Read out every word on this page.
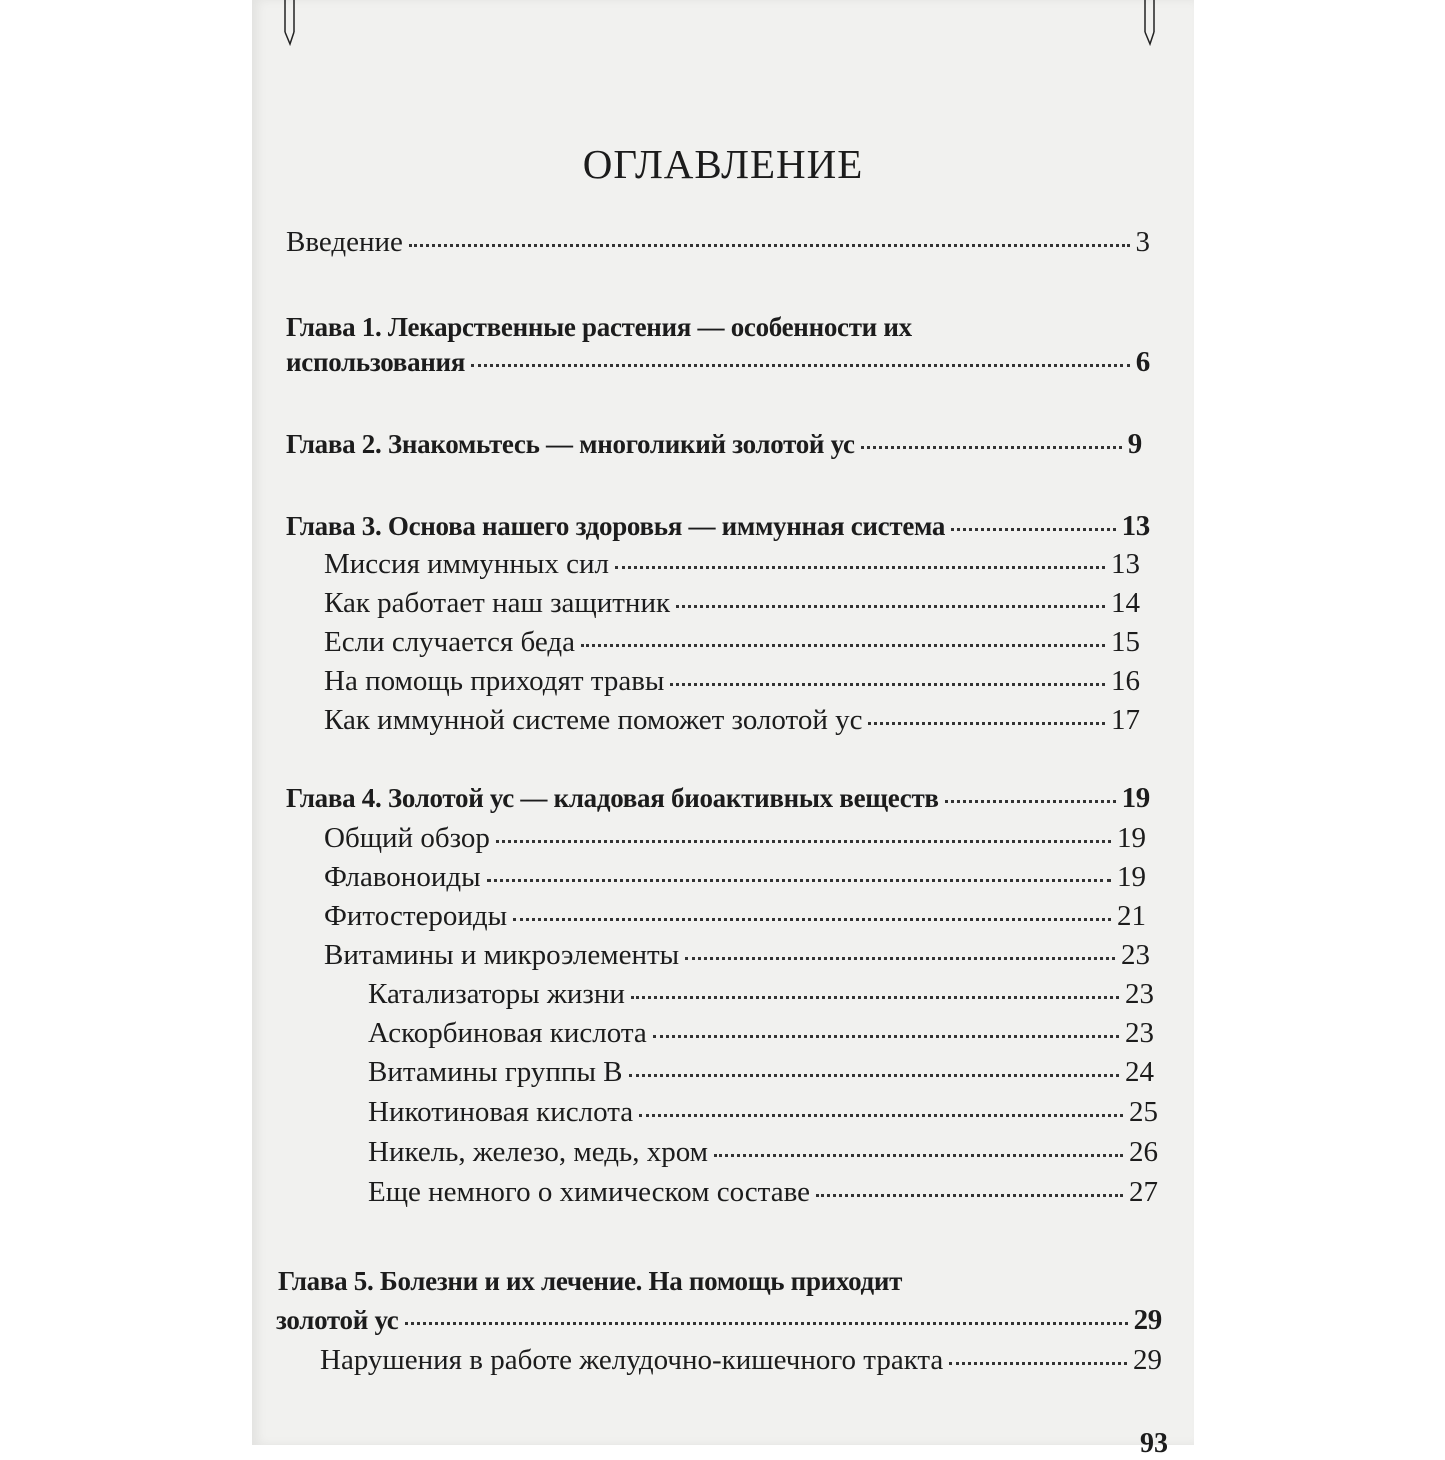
ОГЛАВЛЕНИЕ
Введение	3
Глава 1. Лекарственные растения — особенности их
использования	6
Глава 2. Знакомьтесь — многоликий золотой ус	9
Глава 3. Основа нашего здоровья — иммунная система	13
Миссия иммунных сил	13
Как работает наш защитник	14
Если случается беда	15
На помощь приходят травы	16
Как иммунной системе поможет золотой ус	17
Глава 4. Золотой ус — кладовая биоактивных веществ	19
Общий обзор	19
Флавоноиды	19
Фитостероиды	21
Витамины и микроэлементы	23
Катализаторы жизни	23
Аскорбиновая кислота	23
Витамины группы В	24
Никотиновая кислота	25
Никель, железо, медь, хром	26
Еще немного о химическом составе	27
Глава 5. Болезни и их лечение. На помощь приходит
золотой ус	29
Нарушения в работе желудочно-кишечного тракта	29
93
